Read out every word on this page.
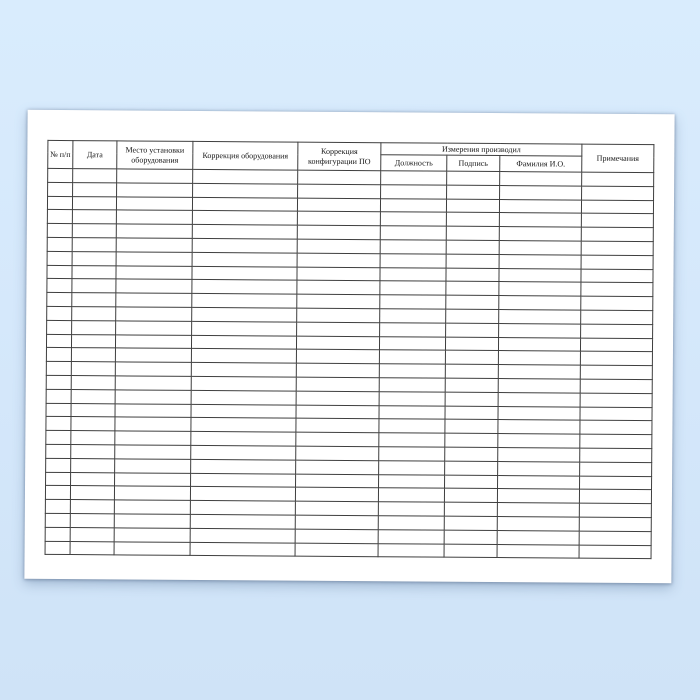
№ п/п	Дата	Место установки оборудования	Коррекция оборудования	Коррекция конфигурации ПО	Измерения производил			Примечания
					Должность	Подпись	Фамилия И.О.	
